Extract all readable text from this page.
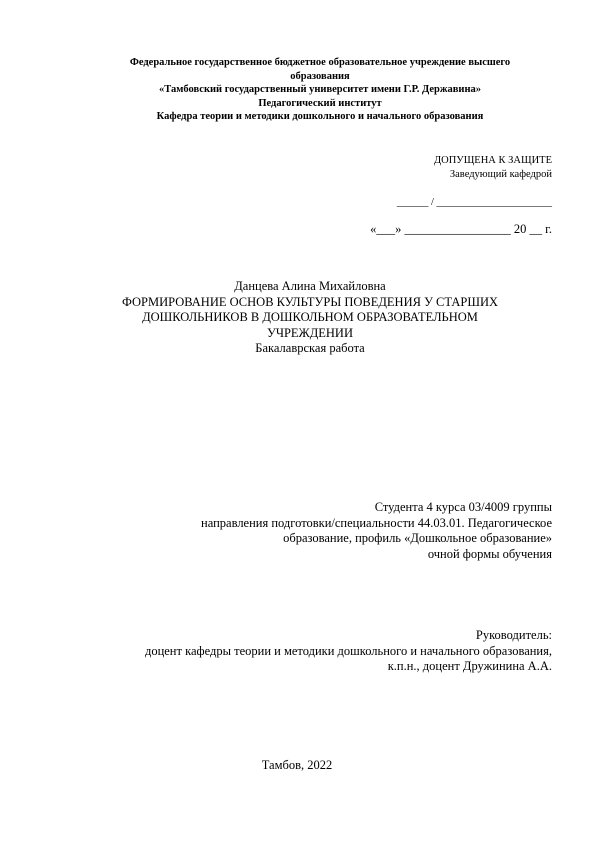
Федеральное государственное бюджетное образовательное учреждение высшего
образования
«Тамбовский государственный университет имени Г.Р. Державина»
Педагогический институт
Кафедра теории и методики дошкольного и начального образования
ДОПУЩЕНА К ЗАЩИТЕ
Заведующий кафедрой
______ / ______________________
«___» _________________ 20 __ г.
Данцева Алина Михайловна
ФОРМИРОВАНИЕ ОСНОВ КУЛЬТУРЫ ПОВЕДЕНИЯ У СТАРШИХ
ДОШКОЛЬНИКОВ В ДОШКОЛЬНОМ ОБРАЗОВАТЕЛЬНОМ
УЧРЕЖДЕНИИ
Бакалаврская работа
Студента 4 курса 03/4009 группы
направления подготовки/специальности 44.03.01. Педагогическое
образование, профиль «Дошкольное образование»
очной формы обучения
Руководитель:
доцент кафедры теории и методики дошкольного и начального образования,
к.п.н., доцент Дружинина А.А.
Тамбов, 2022
